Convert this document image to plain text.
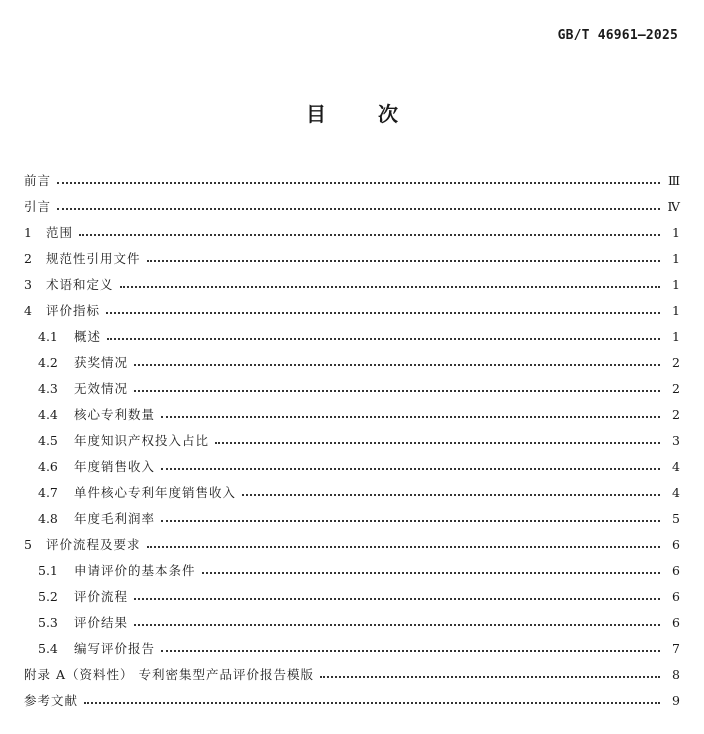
GB/T 46961—2025
目	次
前言	Ⅲ
引言	Ⅳ
1	范围	1
2	规范性引用文件	1
3	术语和定义	1
4	评价指标	1
4.1	概述	1
4.2	获奖情况	2
4.3	无效情况	2
4.4	核心专利数量	2
4.5	年度知识产权投入占比	3
4.6	年度销售收入	4
4.7	单件核心专利年度销售收入	4
4.8	年度毛利润率	5
5	评价流程及要求	6
5.1	申请评价的基本条件	6
5.2	评价流程	6
5.3	评价结果	6
5.4	编写评价报告	7
附录 A（资料性） 专利密集型产品评价报告模版	8
参考文献	9
